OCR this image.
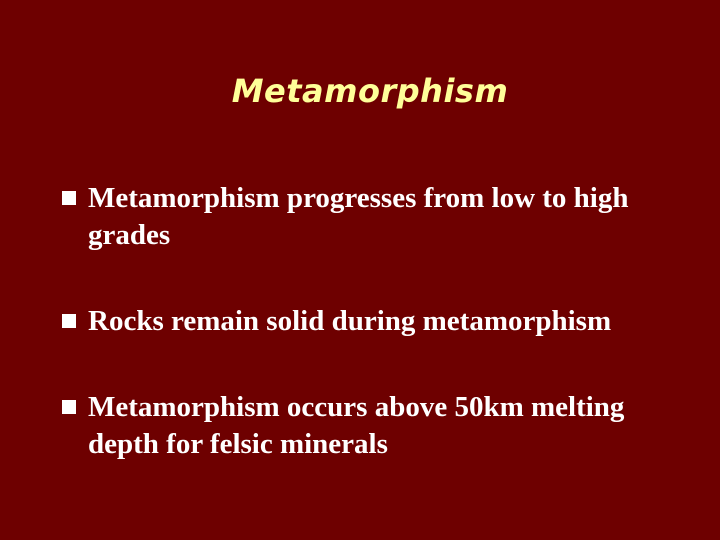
Metamorphism
Metamorphism progresses from low to high grades
Rocks remain solid during metamorphism
Metamorphism occurs above 50km melting depth for felsic minerals
